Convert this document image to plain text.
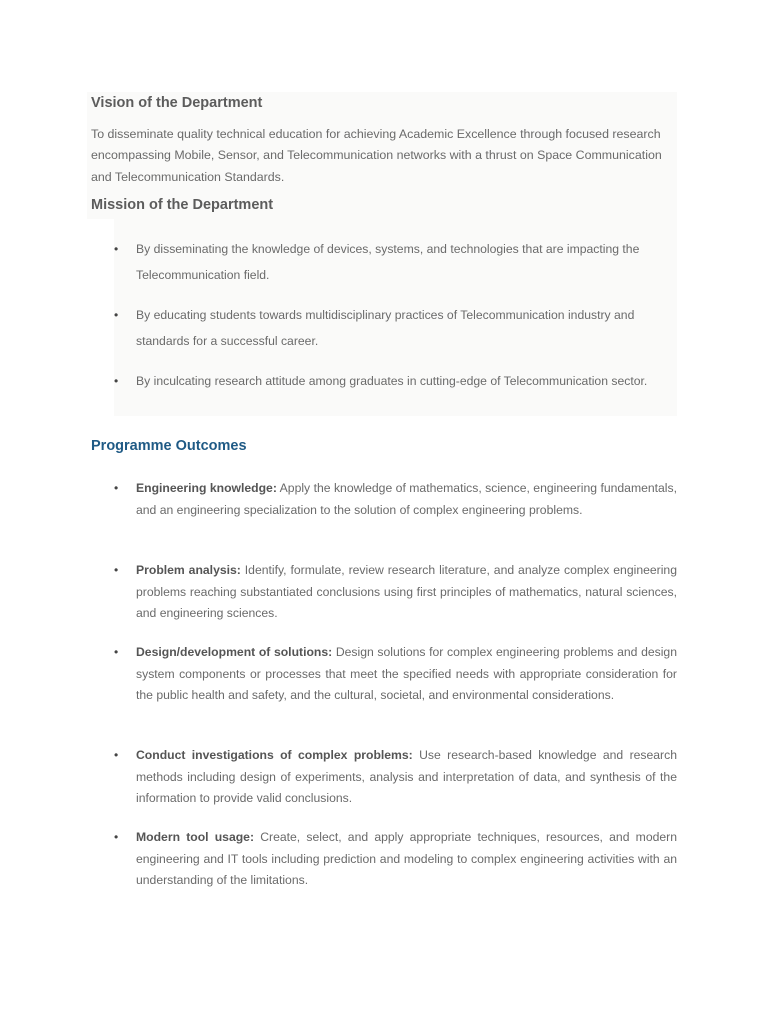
Vision of the Department

To disseminate quality technical education for achieving Academic Excellence through focused research encompassing Mobile, Sensor, and Telecommunication networks with a thrust on Space Communication and Telecommunication Standards.

Mission of the Department
• By disseminating the knowledge of devices, systems, and technologies that are impacting the Telecommunication field.
• By educating students towards multidisciplinary practices of Telecommunication industry and standards for a successful career.
• By inculcating research attitude among graduates in cutting-edge of Telecommunication sector.
Programme Outcomes
• Engineering knowledge: Apply the knowledge of mathematics, science, engineering fundamentals, and an engineering specialization to the solution of complex engineering problems.
• Problem analysis: Identify, formulate, review research literature, and analyze complex engineering problems reaching substantiated conclusions using first principles of mathematics, natural sciences, and engineering sciences.
• Design/development of solutions: Design solutions for complex engineering problems and design system components or processes that meet the specified needs with appropriate consideration for the public health and safety, and the cultural, societal, and environmental considerations.
• Conduct investigations of complex problems: Use research-based knowledge and research methods including design of experiments, analysis and interpretation of data, and synthesis of the information to provide valid conclusions.
• Modern tool usage: Create, select, and apply appropriate techniques, resources, and modern engineering and IT tools including prediction and modeling to complex engineering activities with an understanding of the limitations.
